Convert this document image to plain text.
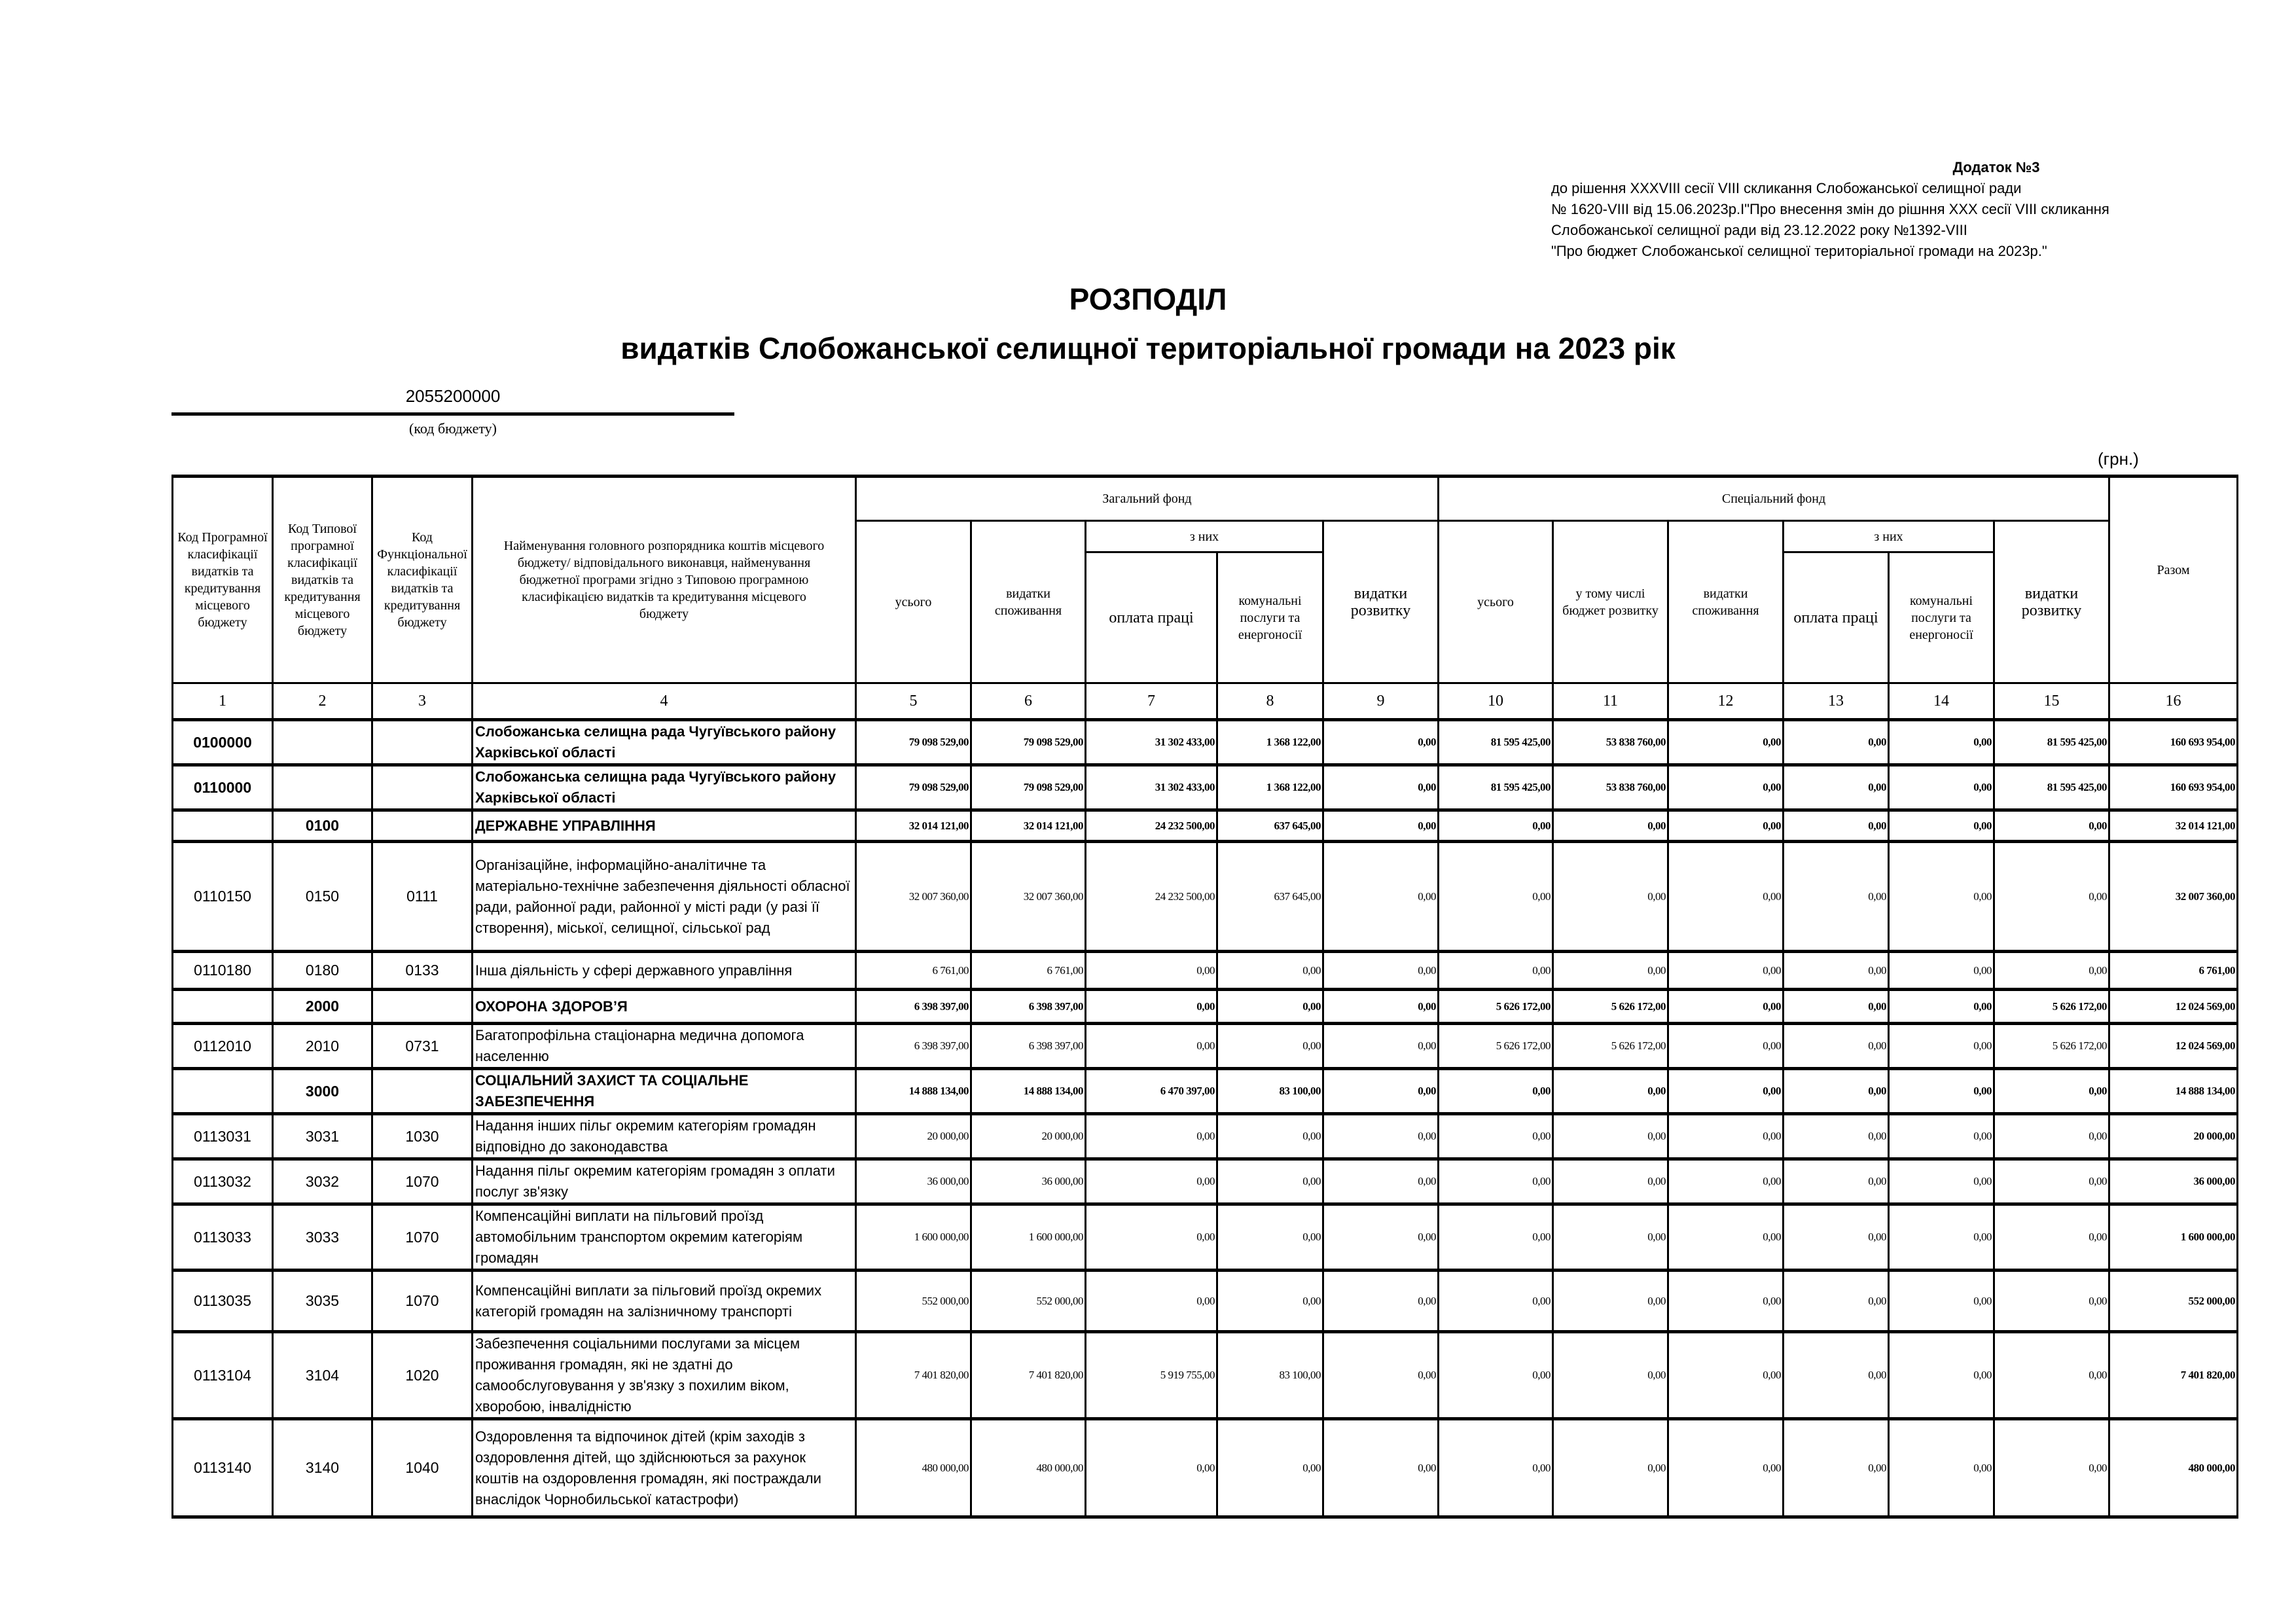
Додаток №3
до рішення XXXVIII сесії VIII скликання Слобожанської селищної ради
№ 1620-VIII від 15.06.2023р.І"Про внесення змін до рішння ХХХ сесії VIII скликання
Слобожанської селищної ради від 23.12.2022 року №1392-VIII
"Про бюджет Слобожанської селищної територіальної громади на 2023р."
РОЗПОДІЛ
видатків Слобожанської селищної територіальної громади на 2023 рік
2055200000
(код бюджету)
(грн.)
Код Програмної класифікації видатків та кредитування місцевого бюджету	Код Типової програмної класифікації видатків та кредитування місцевого бюджету	Код Функціональної класифікації видатків та кредитування бюджету	Найменування головного розпорядника коштів місцевого бюджету/ відповідального виконавця, найменування бюджетної програми згідно з Типовою програмною класифікацією видатків та кредитування місцевого бюджету	Загальний фонд					Спеціальний фонд						Разом
				усього	видатки споживання	з них		видатки розвитку	усього	у тому числі бюджет розвитку	видатки споживання	з них		видатки розвитку	
						оплата праці	комунальні послуги та енергоносії					оплата праці	комунальні послуги та енергоносії		
1	2	3	4	5	6	7	8	9	10	11	12	13	14	15	16
0100000			Слобожанська селищна рада Чугуївського району Харківської області	79 098 529,00	79 098 529,00	31 302 433,00	1 368 122,00	0,00	81 595 425,00	53 838 760,00	0,00	0,00	0,00	81 595 425,00	160 693 954,00
0110000			Слобожанська селищна рада Чугуївського району Харківської області	79 098 529,00	79 098 529,00	31 302 433,00	1 368 122,00	0,00	81 595 425,00	53 838 760,00	0,00	0,00	0,00	81 595 425,00	160 693 954,00
	0100		ДЕРЖАВНЕ УПРАВЛІННЯ	32 014 121,00	32 014 121,00	24 232 500,00	637 645,00	0,00	0,00	0,00	0,00	0,00	0,00	0,00	32 014 121,00
0110150	0150	0111	Організаційне, інформаційно-аналітичне та матеріально-технічне забезпечення діяльності обласної ради, районної ради, районної у місті ради (у разі її створення), міської, селищної, сільської рад	32 007 360,00	32 007 360,00	24 232 500,00	637 645,00	0,00	0,00	0,00	0,00	0,00	0,00	0,00	32 007 360,00
0110180	0180	0133	Інша діяльність у сфері державного управління	6 761,00	6 761,00	0,00	0,00	0,00	0,00	0,00	0,00	0,00	0,00	0,00	6 761,00
	2000		ОХОРОНА ЗДОРОВ’Я	6 398 397,00	6 398 397,00	0,00	0,00	0,00	5 626 172,00	5 626 172,00	0,00	0,00	0,00	5 626 172,00	12 024 569,00
0112010	2010	0731	Багатопрофільна стаціонарна медична допомога населенню	6 398 397,00	6 398 397,00	0,00	0,00	0,00	5 626 172,00	5 626 172,00	0,00	0,00	0,00	5 626 172,00	12 024 569,00
	3000		СОЦІАЛЬНИЙ ЗАХИСТ ТА СОЦІАЛЬНЕ ЗАБЕЗПЕЧЕННЯ	14 888 134,00	14 888 134,00	6 470 397,00	83 100,00	0,00	0,00	0,00	0,00	0,00	0,00	0,00	14 888 134,00
0113031	3031	1030	Надання інших пільг окремим категоріям громадян відповідно до законодавства	20 000,00	20 000,00	0,00	0,00	0,00	0,00	0,00	0,00	0,00	0,00	0,00	20 000,00
0113032	3032	1070	Надання пільг окремим категоріям громадян з оплати послуг зв'язку	36 000,00	36 000,00	0,00	0,00	0,00	0,00	0,00	0,00	0,00	0,00	0,00	36 000,00
0113033	3033	1070	Компенсаційні виплати на пільговий проїзд автомобільним транспортом окремим категоріям громадян	1 600 000,00	1 600 000,00	0,00	0,00	0,00	0,00	0,00	0,00	0,00	0,00	0,00	1 600 000,00
0113035	3035	1070	Компенсаційні виплати за пільговий проїзд окремих категорій громадян на залізничному транспорті	552 000,00	552 000,00	0,00	0,00	0,00	0,00	0,00	0,00	0,00	0,00	0,00	552 000,00
0113104	3104	1020	Забезпечення соціальними послугами за місцем проживання громадян, які не здатні до самообслуговування у зв'язку з похилим віком, хворобою, інвалідністю	7 401 820,00	7 401 820,00	5 919 755,00	83 100,00	0,00	0,00	0,00	0,00	0,00	0,00	0,00	7 401 820,00
0113140	3140	1040	Оздоровлення та відпочинок дітей (крім заходів з оздоровлення дітей, що здійснюються за рахунок коштів на оздоровлення громадян, які постраждали внаслідок Чорнобильської катастрофи)	480 000,00	480 000,00	0,00	0,00	0,00	0,00	0,00	0,00	0,00	0,00	0,00	480 000,00
